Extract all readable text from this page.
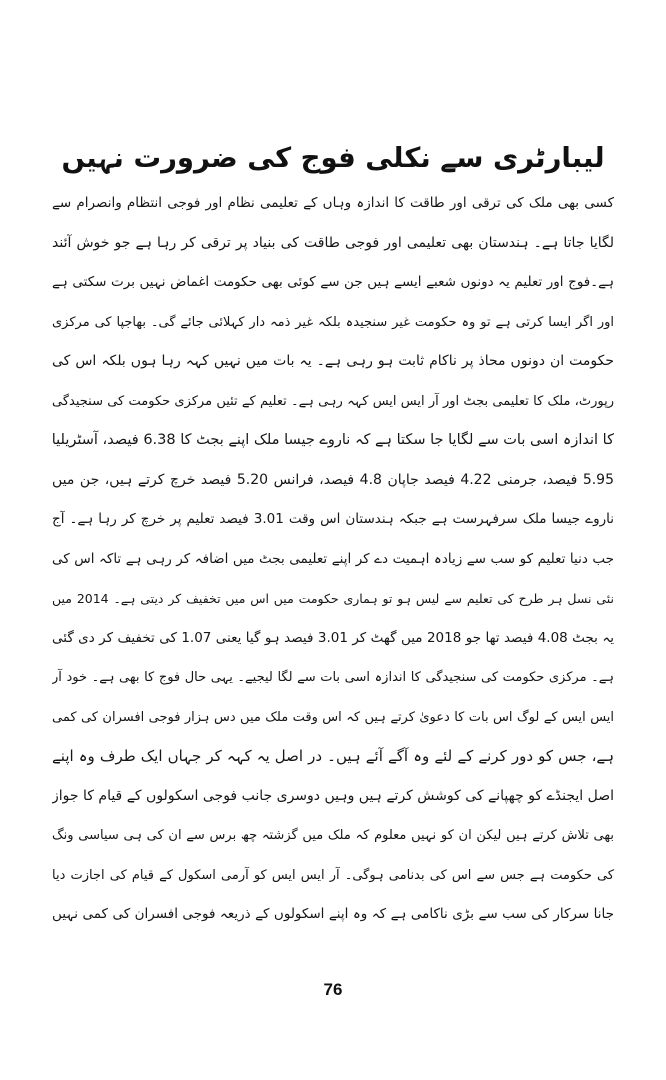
لیبارٹری سے نکلی فوج کی ضرورت نہیں
کسی بھی ملک کی ترقی اور طاقت کا اندازہ وہاں کے تعلیمی نظام اور فوجی انتظام وانصرام سے
لگایا جاتا ہے۔ ہندستان بھی تعلیمی اور فوجی طاقت کی بنیاد پر ترقی کر رہا ہے جو خوش آئند
ہے۔فوج اور تعلیم یہ دونوں شعبے ایسے ہیں جن سے کوئی بھی حکومت اغماض نہیں برت سکتی ہے
اور اگر ایسا کرتی ہے تو وہ حکومت غیر سنجیدہ بلکہ غیر ذمہ دار کہلائی جائے گی۔ بھاجپا کی مرکزی
حکومت ان دونوں محاذ پر ناکام ثابت ہو رہی ہے۔ یہ بات میں نہیں کہہ رہا ہوں بلکہ اس کی
رپورٹ، ملک کا تعلیمی بجٹ اور آر ایس ایس کہہ رہی ہے۔ تعلیم کے تئیں مرکزی حکومت کی سنجیدگی
کا اندازہ اسی بات سے لگایا جا سکتا ہے کہ ناروے جیسا ملک اپنے بجٹ کا 6.38 فیصد، آسٹریلیا
5.95 فیصد، جرمنی 4.22 فیصد جاپان 4.8 فیصد، فرانس 5.20 فیصد خرچ کرتے ہیں، جن میں
ناروے جیسا ملک سرفہرست ہے جبکہ ہندستان اس وقت 3.01 فیصد تعلیم پر خرچ کر رہا ہے۔ آج
جب دنیا تعلیم کو سب سے زیادہ اہمیت دے کر اپنے تعلیمی بجٹ میں اضافہ کر رہی ہے تاکہ اس کی
نئی نسل ہر طرح کی تعلیم سے لیس ہو تو ہماری حکومت میں اس میں تخفیف کر دیتی ہے۔ 2014 میں
یہ بجٹ 4.08 فیصد تھا جو 2018 میں گھٹ کر 3.01 فیصد ہو گیا یعنی 1.07 کی تخفیف کر دی گئی
ہے۔ مرکزی حکومت کی سنجیدگی کا اندازہ اسی بات سے لگا لیجیے۔ یہی حال فوج کا بھی ہے۔ خود آر
ایس ایس کے لوگ اس بات کا دعویٰ کرتے ہیں کہ اس وقت ملک میں دس ہزار فوجی افسران کی کمی
ہے، جس کو دور کرنے کے لئے وہ آگے آئے ہیں۔ در اصل یہ کہہ کر جہاں ایک طرف وہ اپنے
اصل ایجنڈے کو چھپانے کی کوشش کرتے ہیں وہیں دوسری جانب فوجی اسکولوں کے قیام کا جواز
بھی تلاش کرتے ہیں لیکن ان کو نہیں معلوم کہ ملک میں گزشتہ چھ برس سے ان کی ہی سیاسی ونگ
کی حکومت ہے جس سے اس کی بدنامی ہوگی۔ آر ایس ایس کو آرمی اسکول کے قیام کی اجازت دیا
جانا سرکار کی سب سے بڑی ناکامی ہے کہ وہ اپنے اسکولوں کے ذریعہ فوجی افسران کی کمی نہیں
76
